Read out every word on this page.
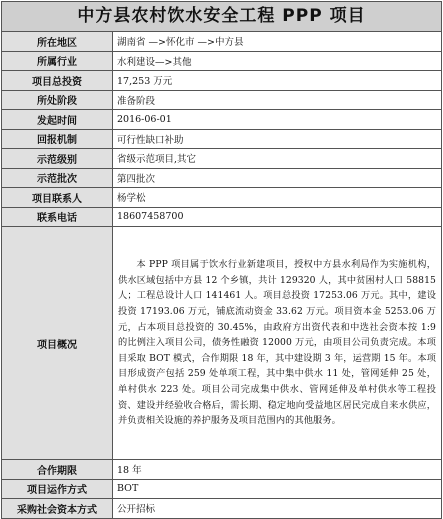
中方县农村饮水安全工程 PPP 项目
所在地区	湖南省 —>怀化市 —>中方县
所属行业	水利建设—>其他
项目总投资	17,253 万元
所处阶段	准备阶段
发起时间	2016-06-01
回报机制	可行性缺口补助
示范级别	省级示范项目,其它
示范批次	第四批次
项目联系人	杨学松
联系电话	18607458700
项目概况	本 PPP 项目属于饮水行业新建项目，授权中方县水利局作为实施机构，供水区域包括中方县 12 个乡镇，共计 129320 人，其中贫困村人口 58815 人；工程总设计人口 141461 人。项目总投资 17253.06 万元。其中，建设投资 17193.06 万元，铺底流动资金 33.62 万元。项目资本金 5253.06 万元，占本项目总投资的 30.45%，由政府方出资代表和中选社会资本按 1:9 的比例注入项目公司，债务性融资 12000 万元，由项目公司负责完成。本项目采取 BOT 模式，合作期限 18 年，其中建设期 3 年，运营期 15 年。本项目形成资产包括 259 处单项工程，其中集中供水 11 处，管网延伸 25 处，单村供水 223 处。项目公司完成集中供水、管网延伸及单村供水等工程投资、建设并经验收合格后，需长期、稳定地向受益地区居民完成自来水供应，并负责相关设施的养护服务及项目范围内的其他服务。

合作期限	18 年
项目运作方式	BOT
采购社会资本方式	公开招标
